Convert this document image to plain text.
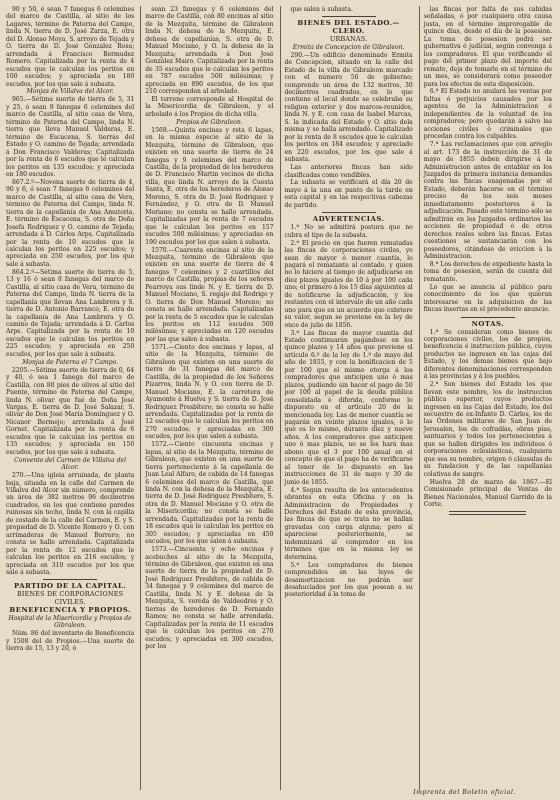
90 y 50, é sean 7 fanegas 6 celemines del marco de Castilla, al sitio de los Lagares, término de Paterna del Campo, linda N. tierra de D. José Zarza, E. otra del D. Alonso Moya, S. arroyo de Tejada y O. tierra de D. José Gonzalez Rosa; arrendada á Francisco Bermudez Romero. Capitalizada por la renta de 4 escudos que le calculan los peritos en 100 escudos; y apreciada en 180 escudos, por los que sale á subasta.

Monjas de Villalva del Alcor.

965.—Sétima suerte de tierra de 5, 31 y 25, ó sean 9 fanegas 6 celemines del marco de Castilla, al sitio casa de Vera, término de Paterna del Campo, linda N. tierra que lleva Manuel Valderas, E. término de Escacena, S. tierras del Estado y O. camino de Tejada; arrendada á Don Francisco Valderas; Capitalizada por la renta de 6 escudos que le calculan los peritos en 135 escudos; y apreciada en 180 escudos.

867.2.º—Novena suerte de tierra de 4, 90 y 6, ó sean 7 fanegas 6 celemines del marco de Castilla, al sitio casa de Vera, término de Paterna del Campo, linda N. tierra de la capellanía de Ana Amutoria, E. término de Escacena, S. otra de Doña Josefa Rodriguez y O. camino de Tejada; arrendada á D. Carlos Arps. Capitalizada por la renta de 10 escudos que le calculan los peritos en 225 escudos; y apreciada en 250 escudos, por los que sale á subasta.

864.2.º—Sétima suerte de tierra de 5, 13 y 16 ó sean 8 fanegas del marco de Castilla, al sitio casa de Vera, término de Paterna del Campo, linda N. tierra de la capellanía que llevan Ana Lambrera y S. tierra de D. Antonio Barranco, E. otra de la capellanía de Ana Lambrera y O. camino de Tejada; arrendada á D. Carlos Arps. Capitalizada por la renta de 10 escudos que le calculan los peritos en 225 escudos; y apreciada en 250 escudos, por los que sale á subasta.

Monjas de Paterna el 7 Campo.

2205.—Sétima suerte de tierra de 0, 64 y 40, ó sea 1 fanega del marco de Castilla, con 80 pies de olivos al sitio del Puente, término de Paterna del Campo, linda N. olivar que fué de Doña José Vargas, E. tierra de D. José Salazar, S. olivar de Don José María Domínguez y O. Nicanor Bermejo; arrendada á José Gornet. Capitalizada por la renta de 6 escudos que le calculan los peritos en 135 escudos; y apreciada en 150 escudos, por los que sale á subasta.

Convento del Carmen de Villalva del Alcor.

270.—Una igleia arruinada, de planta baja, situada en la calle del Carmen de Villalva del Alcor sin número, comprende un área de 382 metros 96 decímetros cuadrados, en los que contiene paredes ruinosas sin techo, linda N. con la capilla de costado de la calle del Carmen, E. y S. propiedad de D. Vicente Romero y O. con arrimaderas de Manuel Borrero; no consta se halle arrendada. Capitalizada por la renta de 12 escudos que le calculan los peritos en 216 escudos; y apreciada en 310 escudos por los que sale á subasta.

PARTIDO DE LA CAPITAL.

BIENES DE CORPORACIONES CIVILES.

BENEFICENCIA Y PROPIOS.

Hospital de la Misericordia y Propios de Gibraleon.

Núm. 86 del inventario de Beneficencia y 1508 del de Propios.—Una suerte de tierra de 15, 13 y 20, ó

sean 23 fanegas y 6 celemines del marco de Castilla, con 80 encinas al sitio de la Mezquita, término de Gibraleon linda N. dehesa de la Mezquita, E. dehesa de capellanías, S. otra de D. Manuel Mociano, y O. la dehesa de la Mezquita; arrendada á Don José González Mairo. Capitalizada por la renta de 35 escudos que le calculan los peritos en 787 escudos 500 milésimas; y apreciada en 890 escudos, de los que 210 corresponden al arbolado.

El terreno corresponde al Hospital de la Misericordia de Gibraleon, y el arbolado á los Propios de dicha villa.

Propios de Gibraleon.

1569.—Quinta encinas y reta 6 lapas, en la misma especie al sitio de la Mezquita, término de Gibraleon, que existen en una suerte de tierra de 24 fanegas y 9 celemines del marco de Castilla, de la propiedad de los herederos de D. Francisco Martin vecinos de dicha villa, que linda N. arroyo de la Cuesta Santa, E. otra de los herederos de Alonso Moreno, S. otra de D. José Rodriguez y Fernández, y O. otra de D. Manuel Moriano; no consta se halle arrendada. Capitalizadas por la renta de 7 escudos que le calculan los peritos en 157 escudos 500 milésimas; y apreciadas en 190 escudos por los que salen á subasta.

1570.—Cuarenta encinas al sitio de la Mezquita, término de Gibraleon que existen en una suerte de tierra de 4 fanegas 7 celemines y 2 cuartillos del marco de Castilla, propias de los señores Pearroya sus linde N. y E. tierra de D. Manuel Mociano, S. regajo del Rodrigo y O. tierra de Don Manuel Moreno; no consta se halle arrendada. Capitalizadas por la renta de 5 escudos que le calculan los peritos en 112 escudos 500 milésimas; y apreciadas en 120 escudos por las que salen á subasta.

1571.—Ciento dos encinas y lapas, al sitio de la Mezquita, término de Gibraleon que existen en una suerte de tierra de 31 fanegas del marco de Castilla, de la propiedad de los Señores Pizarros, linda N. y O. con tierra de D. Manuel Mociano, E. la carretera de Ayamonte á Huelva y S. tierra de D. José Rodriguez Presbítero; no consta se halle arrendada. Capitalizadas por la renta de 12 escudos que le calculan los peritos en 270 escudos; y apreciadas en 300 escudos, por los que salen á subasta.

1572.—Ciento cincuenta encinas y lapas, al sitio de la Mezquita, término de Gibraleon, que existen en una suerte de tierra perteneciente á la capellanía de Juan Leal Alfaro, de cabida de 14 fanegas 6 celemines del marco de Castilla, que linda N. con la dehesa de la Mezquita, E. tierra de D. José Rodriguez Presbítero, S. otra de D. Manuel Mociano y O. otra de la Misericordia; no consta se halle arrendada. Capitalizadas por la renta de 18 escudos que le calculan los peritos en 305 escudos; y apreciadas en 450 escudos, por los que salen á subasta.

1573.—Cincuenta y ocho encinas y acebuches al sitio de la Mezquita, término de Gibraleon, que existen en una suerte de tierra de la propiedad de D. José Rodriguez Presbítero, de cabida de 34 fanegas y 9 celemines del marco de Castilla, linda N. y E. dehesa de la Mezquita, S. vereda de Valdeodres y O. tierras de herederos de D. Fernando Ramos; no consta se halle arrendada. Capitalizadas por la renta de 11 escudos que le calculan los peritos en 270 escudos; y apreciadas en 300 escudos, por los

que salen á subasta.

BIENES DEL ESTADO.—CLERO.

URBANAS.

Ermita de Concepcion de Gibraleon.

290.—Un edificio denominado Ermita de Concepcion, situado en la calle del Estado de la villa de Gibraleon marcado con el número 56 de gobierno; comprende un área de 132 metros, 30 decímetros cuadrados, en lo que contiene el local donde se celebraba su religion exterior y dos marcos-reunidos, linda N. y E. con casa de Isabel Marcas, S. la indicada del Estado y O. sitio dela misma y se halla arrendado. Capitalizado por la renta de 8 escudos que le calculan los peritos en 184 escudos; y apreciado en 220 escudos, por los que sale á subasta.

Las anteriores fincas han sido clasificadas como vendibles.

La subasta se verificará el día 20 de mayo á la una en punto de la tarde en esta capital y en las respectivas cabezas de partido.

ADVERTENCIAS.

1.ª No se admitirá postura que no cubra el tipo de la subasta.

2.ª El precio en que fueren rematadas las fincas de corporaciones civiles, yo sean de mayor ó menor cuantía, lo pagará el rematante al contado, y quien no lo hiciere al tiempo de adjudicarse en diez plazos iguales de 10 á por 100 cada uno; el primero á los 15 días siguientes al de notificarse la adjudicación, y los restantes con el intervalo de un año cada uno para que en un acuerdo que cubriere su valor, segun se previene en la ley de once de julio de 1856.

3.ª Las fincas de mayor cuantía del Estado continuarán pagándose en los quince plazos y 14 años que previene el artículo 6.º de la ley de 1.º de mayo del año de 1855, y con la bonificacion de 5 por 100 que el mismo otorga á los compradores que anticipen uno ó mas plazos, pudiendo sin hacer el pago de 50 por 100 al papel de la deuda pública consolidada ó diferida, conforme lo dispuesto en el artículo 20 de la mencionada ley. Las de menor cuantía se pagarán en veinte plazos iguales, ó lo que es lo mismo, durante diez y nueve años. A los compradores que anticipen uno ó mas plazos, no se les hará mas abono que el 3 por 100 anual en el concepto de que el pago ha de verificarse al tenor de lo dispuesto en las instrucciones de 31 de mayo y 30 de junio de 1855.

4.ª Segun resulta de los antecedentes obrantes en esta Oficina y en la Administracion de Propiedades y Derechos del Estado de esta provincia, las fincas de que se trata no se hallan gravadas con carga alguna; pero si apareciese posteriormente, se indemnizará al comprador en los términos que en la misma ley se determina.

5.ª Los compradores de bienes comprendidos en las leyes de desamortizacion no podrán ser desahuciados por los que posean a su posterioridad á la toma de

las fincas por falta de sus cabidas señaladas, ó por cualquiera otra causa justa, en el término improrogable de quince días, desde el día de la posesion. La toma de posesion podrá ser gubernativa ó judicial, según convenga á los compradores. El que verificando el pago del primer plazo del importe del remate, deja de tomarle en el término de un mes, se considerará como poseedor para los efectos de esta disposición.

6.ª El Estado no anulará las ventas por faltas ó perjuicios causados por los agentes de la Administracion é independientes de la voluntad de los compradores; pero quedarán á salvo las acciones civiles ó criminales que procedan contra los culpables.

7.ª Las reclamaciones que con arreglo al art. 173 de la instrucción de 31 de mayo de 1855 deben dirigirse á la Administracion antes de entablar en los Juzgados de primera instancia demandas contra las fincas enagenadas por el Estado, deberán hacerse en el término preciso de los seis meses inmediatamente posteriores á la adjudicación. Pasado este término sólo se admitirán en los Juzgados ordinarios las acciones de propiedad ó de otros derechos reales sobre las fincas. Estas cuestiones se sustanciarán con los poseedores, citándose de eviccion á la Administracion.

8.ª Los derechos de expediente hasta la toma de posesion, serán de cuenta del rematante.

Lo que se anuncia al público para conocimiento de los que quieran interesarse en la adquisicion de las fincas insertas en el precedente anuncio.

NOTAS.

1.ª Se consideran como bienes de corporaciones civiles, los de propios, beneficencia é instruccion pública, cuyos productos no ingresen en las cajas del Estado, y los demas bienes que bajo diferentes denominaciones corresponden á las provincias y á los pueblos.

2.ª Son bienes del Estado los que llevan este nombre, los de instruccion pública superior, cuyos productos ingresen en las Cajas del Estado, los del secuestro de ex-Infante D. Cárlos, los de las Órdenes militares de San Juan de Jerusalen, los de cofradías, obras pías, santuarios y todos los pertenecientes á que se hallen dirigidos los individuos ó corporaciones eclesiásticas, cualquiera que sea su nombre, origen ó cláusulas de su fundacion y de las capellanías colativas de sangre.

Huelva 28 de marzo de 1867.—El Comisionado principal de Ventas de Bienes Nacionales, Manuel Garrido de la Corte.

Imprenta del Boletin oficial.
